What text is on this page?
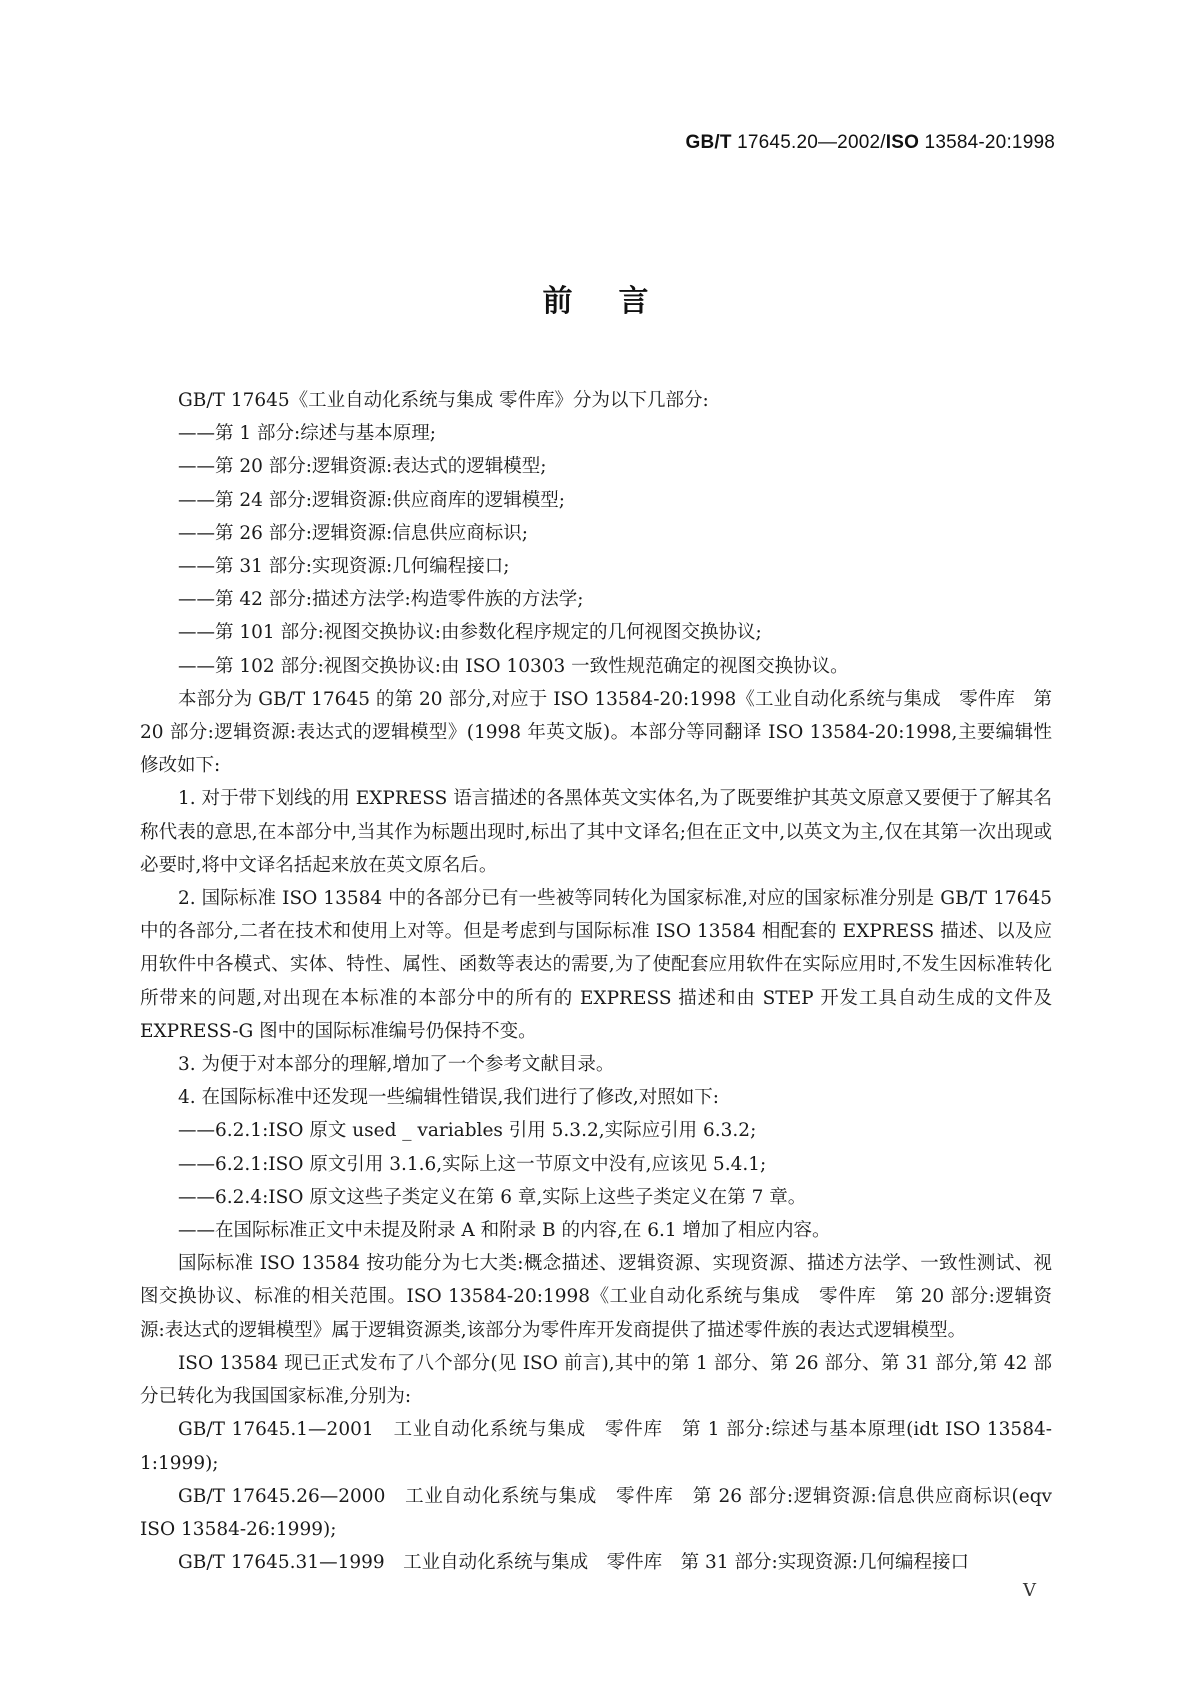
GB/T 17645.20—2002/ISO 13584-20:1998
前言
GB/T 17645《工业自动化系统与集成 零件库》分为以下几部分:
——第 1 部分:综述与基本原理;
——第 20 部分:逻辑资源:表达式的逻辑模型;
——第 24 部分:逻辑资源:供应商库的逻辑模型;
——第 26 部分:逻辑资源:信息供应商标识;
——第 31 部分:实现资源:几何编程接口;
——第 42 部分:描述方法学:构造零件族的方法学;
——第 101 部分:视图交换协议:由参数化程序规定的几何视图交换协议;
——第 102 部分:视图交换协议:由 ISO 10303 一致性规范确定的视图交换协议。
本部分为 GB/T 17645 的第 20 部分,对应于 ISO 13584-20:1998《工业自动化系统与集成　零件库　第 20 部分:逻辑资源:表达式的逻辑模型》(1998 年英文版)。本部分等同翻译 ISO 13584-20:1998,主要编辑性修改如下:
1. 对于带下划线的用 EXPRESS 语言描述的各黑体英文实体名,为了既要维护其英文原意又要便于了解其名称代表的意思,在本部分中,当其作为标题出现时,标出了其中文译名;但在正文中,以英文为主,仅在其第一次出现或必要时,将中文译名括起来放在英文原名后。
2. 国际标准 ISO 13584 中的各部分已有一些被等同转化为国家标准,对应的国家标准分别是 GB/T 17645中的各部分,二者在技术和使用上对等。但是考虑到与国际标准 ISO 13584 相配套的 EXPRESS 描述、以及应用软件中各模式、实体、特性、属性、函数等表达的需要,为了使配套应用软件在实际应用时,不发生因标准转化所带来的问题,对出现在本标准的本部分中的所有的 EXPRESS 描述和由 STEP 开发工具自动生成的文件及 EXPRESS-G 图中的国际标准编号仍保持不变。
3. 为便于对本部分的理解,增加了一个参考文献目录。
4. 在国际标准中还发现一些编辑性错误,我们进行了修改,对照如下:
——6.2.1:ISO 原文 used _ variables 引用 5.3.2,实际应引用 6.3.2;
——6.2.1:ISO 原文引用 3.1.6,实际上这一节原文中没有,应该见 5.4.1;
——6.2.4:ISO 原文这些子类定义在第 6 章,实际上这些子类定义在第 7 章。
——在国际标准正文中未提及附录 A 和附录 B 的内容,在 6.1 增加了相应内容。
国际标准 ISO 13584 按功能分为七大类:概念描述、逻辑资源、实现资源、描述方法学、一致性测试、视图交换协议、标准的相关范围。ISO 13584-20:1998《工业自动化系统与集成　零件库　第 20 部分:逻辑资源:表达式的逻辑模型》属于逻辑资源类,该部分为零件库开发商提供了描述零件族的表达式逻辑模型。
ISO 13584 现已正式发布了八个部分(见 ISO 前言),其中的第 1 部分、第 26 部分、第 31 部分,第 42 部分已转化为我国国家标准,分别为:
GB/T 17645.1—2001　工业自动化系统与集成　零件库　第 1 部分:综述与基本原理(idt ISO 13584-1:1999);
GB/T 17645.26—2000　工业自动化系统与集成　零件库　第 26 部分:逻辑资源:信息供应商标识(eqv ISO 13584-26:1999);
GB/T 17645.31—1999　工业自动化系统与集成　零件库　第 31 部分:实现资源:几何编程接口
V
